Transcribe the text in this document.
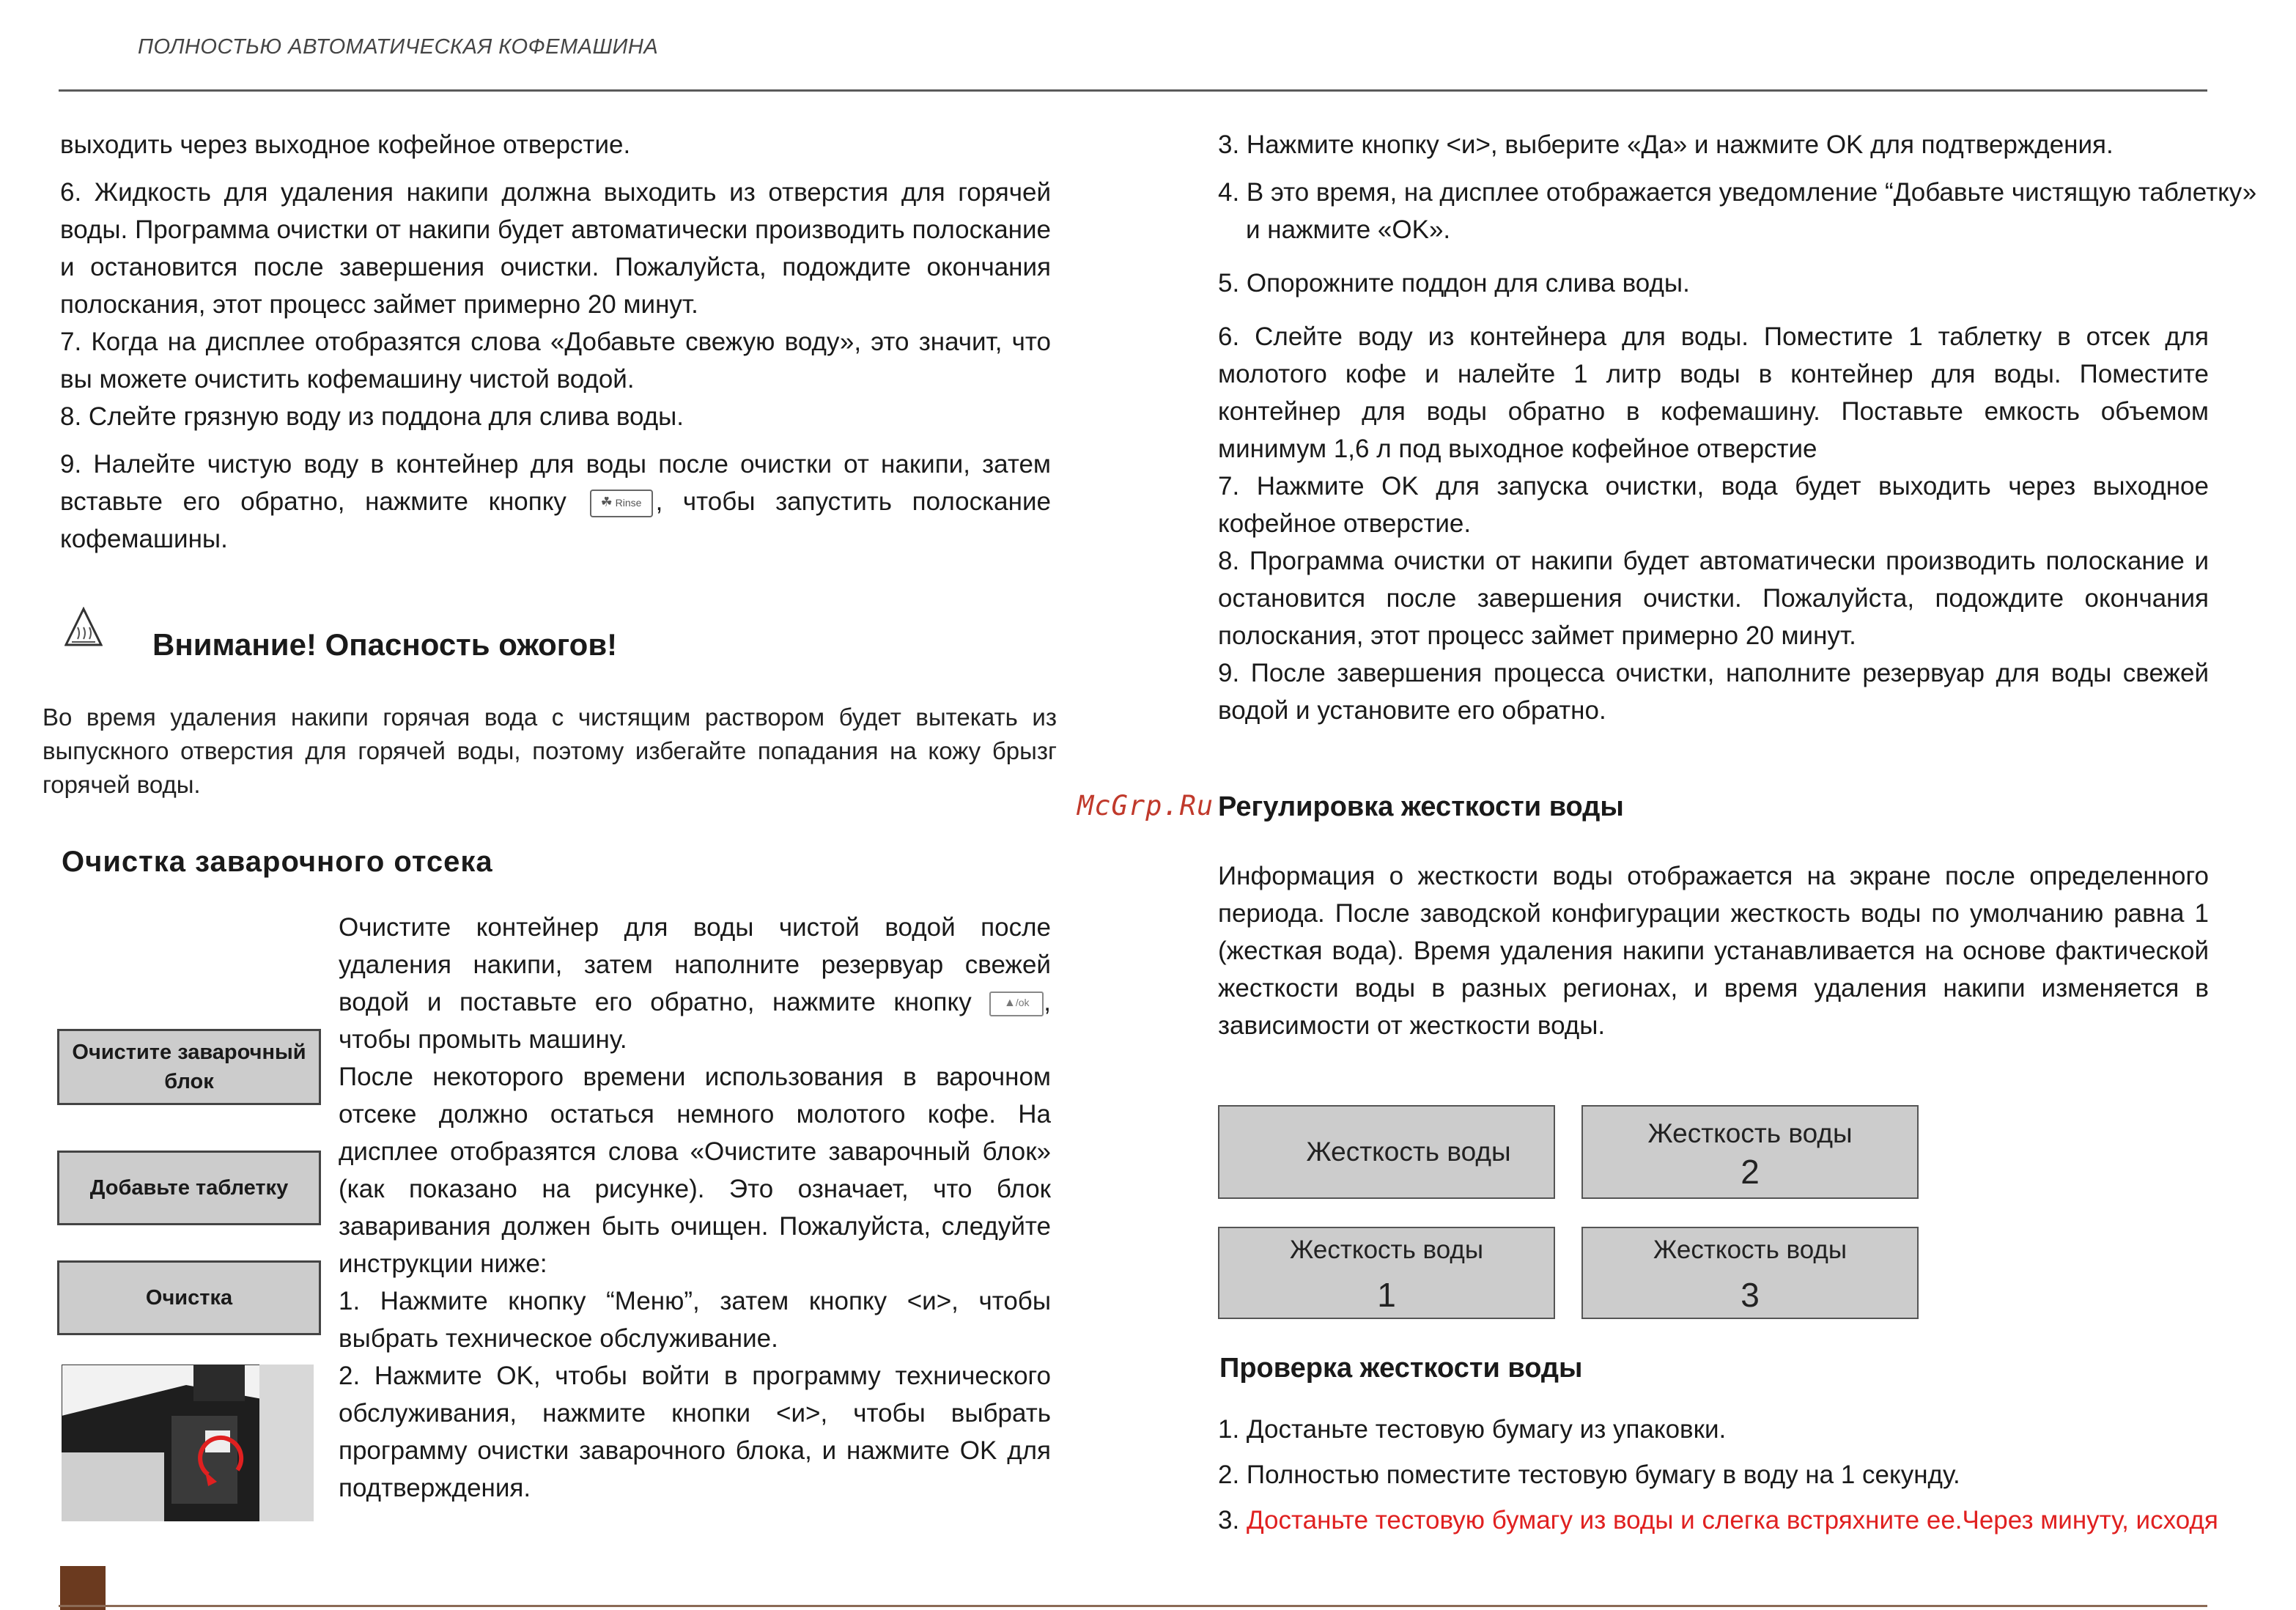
ПОЛНОСТЬЮ АВТОМАТИЧЕСКАЯ КОФЕМАШИНА

выходить через выходное кофейное отверстие.

6. Жидкость для удаления накипи должна выходить из отверстия для горячей воды. Программа очистки от накипи будет автоматически производить полоскание и остановится после завершения очистки. Пожалуйста, подождите окончания полоскания, этот процесс займет примерно 20 минут.

7. Когда на дисплее отобразятся слова «Добавьте свежую воду», это значит, что вы можете очистить кофемашину чистой водой.

8. Слейте грязную воду из поддона для слива воды.

9. Налейте чистую воду в контейнер для воды после очистки от накипи, затем вставьте его обратно, нажмите кнопку	☘ Rinse , чтобы запустить полоскание кофемашины.

Внимание! Опасность ожогов!
Во время удаления накипи горячая вода с чистящим раствором будет вытекать из выпускного отверстия для горячей воды, поэтому избегайте попадания на кожу брызг горячей воды.
Очистка заварочного отсека
Очистите заварочный блок
Добавьте таблетку
Очистка

Очистите контейнер для воды чистой водой после удаления накипи, затем наполните резервуар свежей водой и поставьте его обратно, нажмите кнопку	▲/ok , чтобы промыть машину.

После некоторого времени использования в варочном отсеке должно остаться немного молотого кофе. На дисплее отобразятся слова «Очистите заварочный блок» (как показано на рисунке). Это означает, что блок заваривания должен быть очищен. Пожалуйста, следуйте инструкции ниже:

1. Нажмите кнопку “Меню”, затем кнопку <и>, чтобы выбрать техническое обслуживание.

2. Нажмите OK, чтобы войти в программу технического обслуживания, нажмите кнопки <и>, чтобы выбрать программу очистки заварочного блока, и нажмите OK для подтверждения.

3. Нажмите кнопку <и>, выберите «Да» и нажмите OK для подтверждения.

4. В это время, на дисплее отображается уведомление “Добавьте чистящую таблетку» и нажмите «OK».

5. Опорожните поддон для слива воды.

6. Слейте воду из контейнера для воды. Поместите 1 таблетку в отсек для молотого кофе и налейте 1 литр воды в контейнер для воды. Поместите контейнер для воды обратно в кофемашину. Поставьте емкость объемом минимум 1,6 л под выходное кофейное отверстие

7. Нажмите OK для запуска очистки, вода будет выходить через выходное кофейное отверстие.

8. Программа очистки от накипи будет автоматически производить полоскание и остановится после завершения очистки. Пожалуйста, подождите окончания полоскания, этот процесс займет примерно 20 минут.

9. После завершения процесса очистки, наполните резервуар для воды свежей водой и установите его обратно.

McGrp.Ru Регулировка жесткости воды
Информация о жесткости воды отображается на экране после определенного периода. После заводской конфигурации жесткость воды по умолчанию равна 1 (жесткая вода). Время удаления накипи устанавливается на основе фактической жесткости воды в разных регионах, и время удаления накипи изменяется в зависимости от жесткости воды.
Жесткость воды
Жесткость воды
2
Жесткость воды
1
Жесткость воды
3
Проверка жесткости воды

1. Достаньте тестовую бумагу из упаковки.

2. Полностью поместите тестовую бумагу в воду на 1 секунду.

3. Достаньте тестовую бумагу из воды и слегка встряхните ее.Через минуту, исходя
